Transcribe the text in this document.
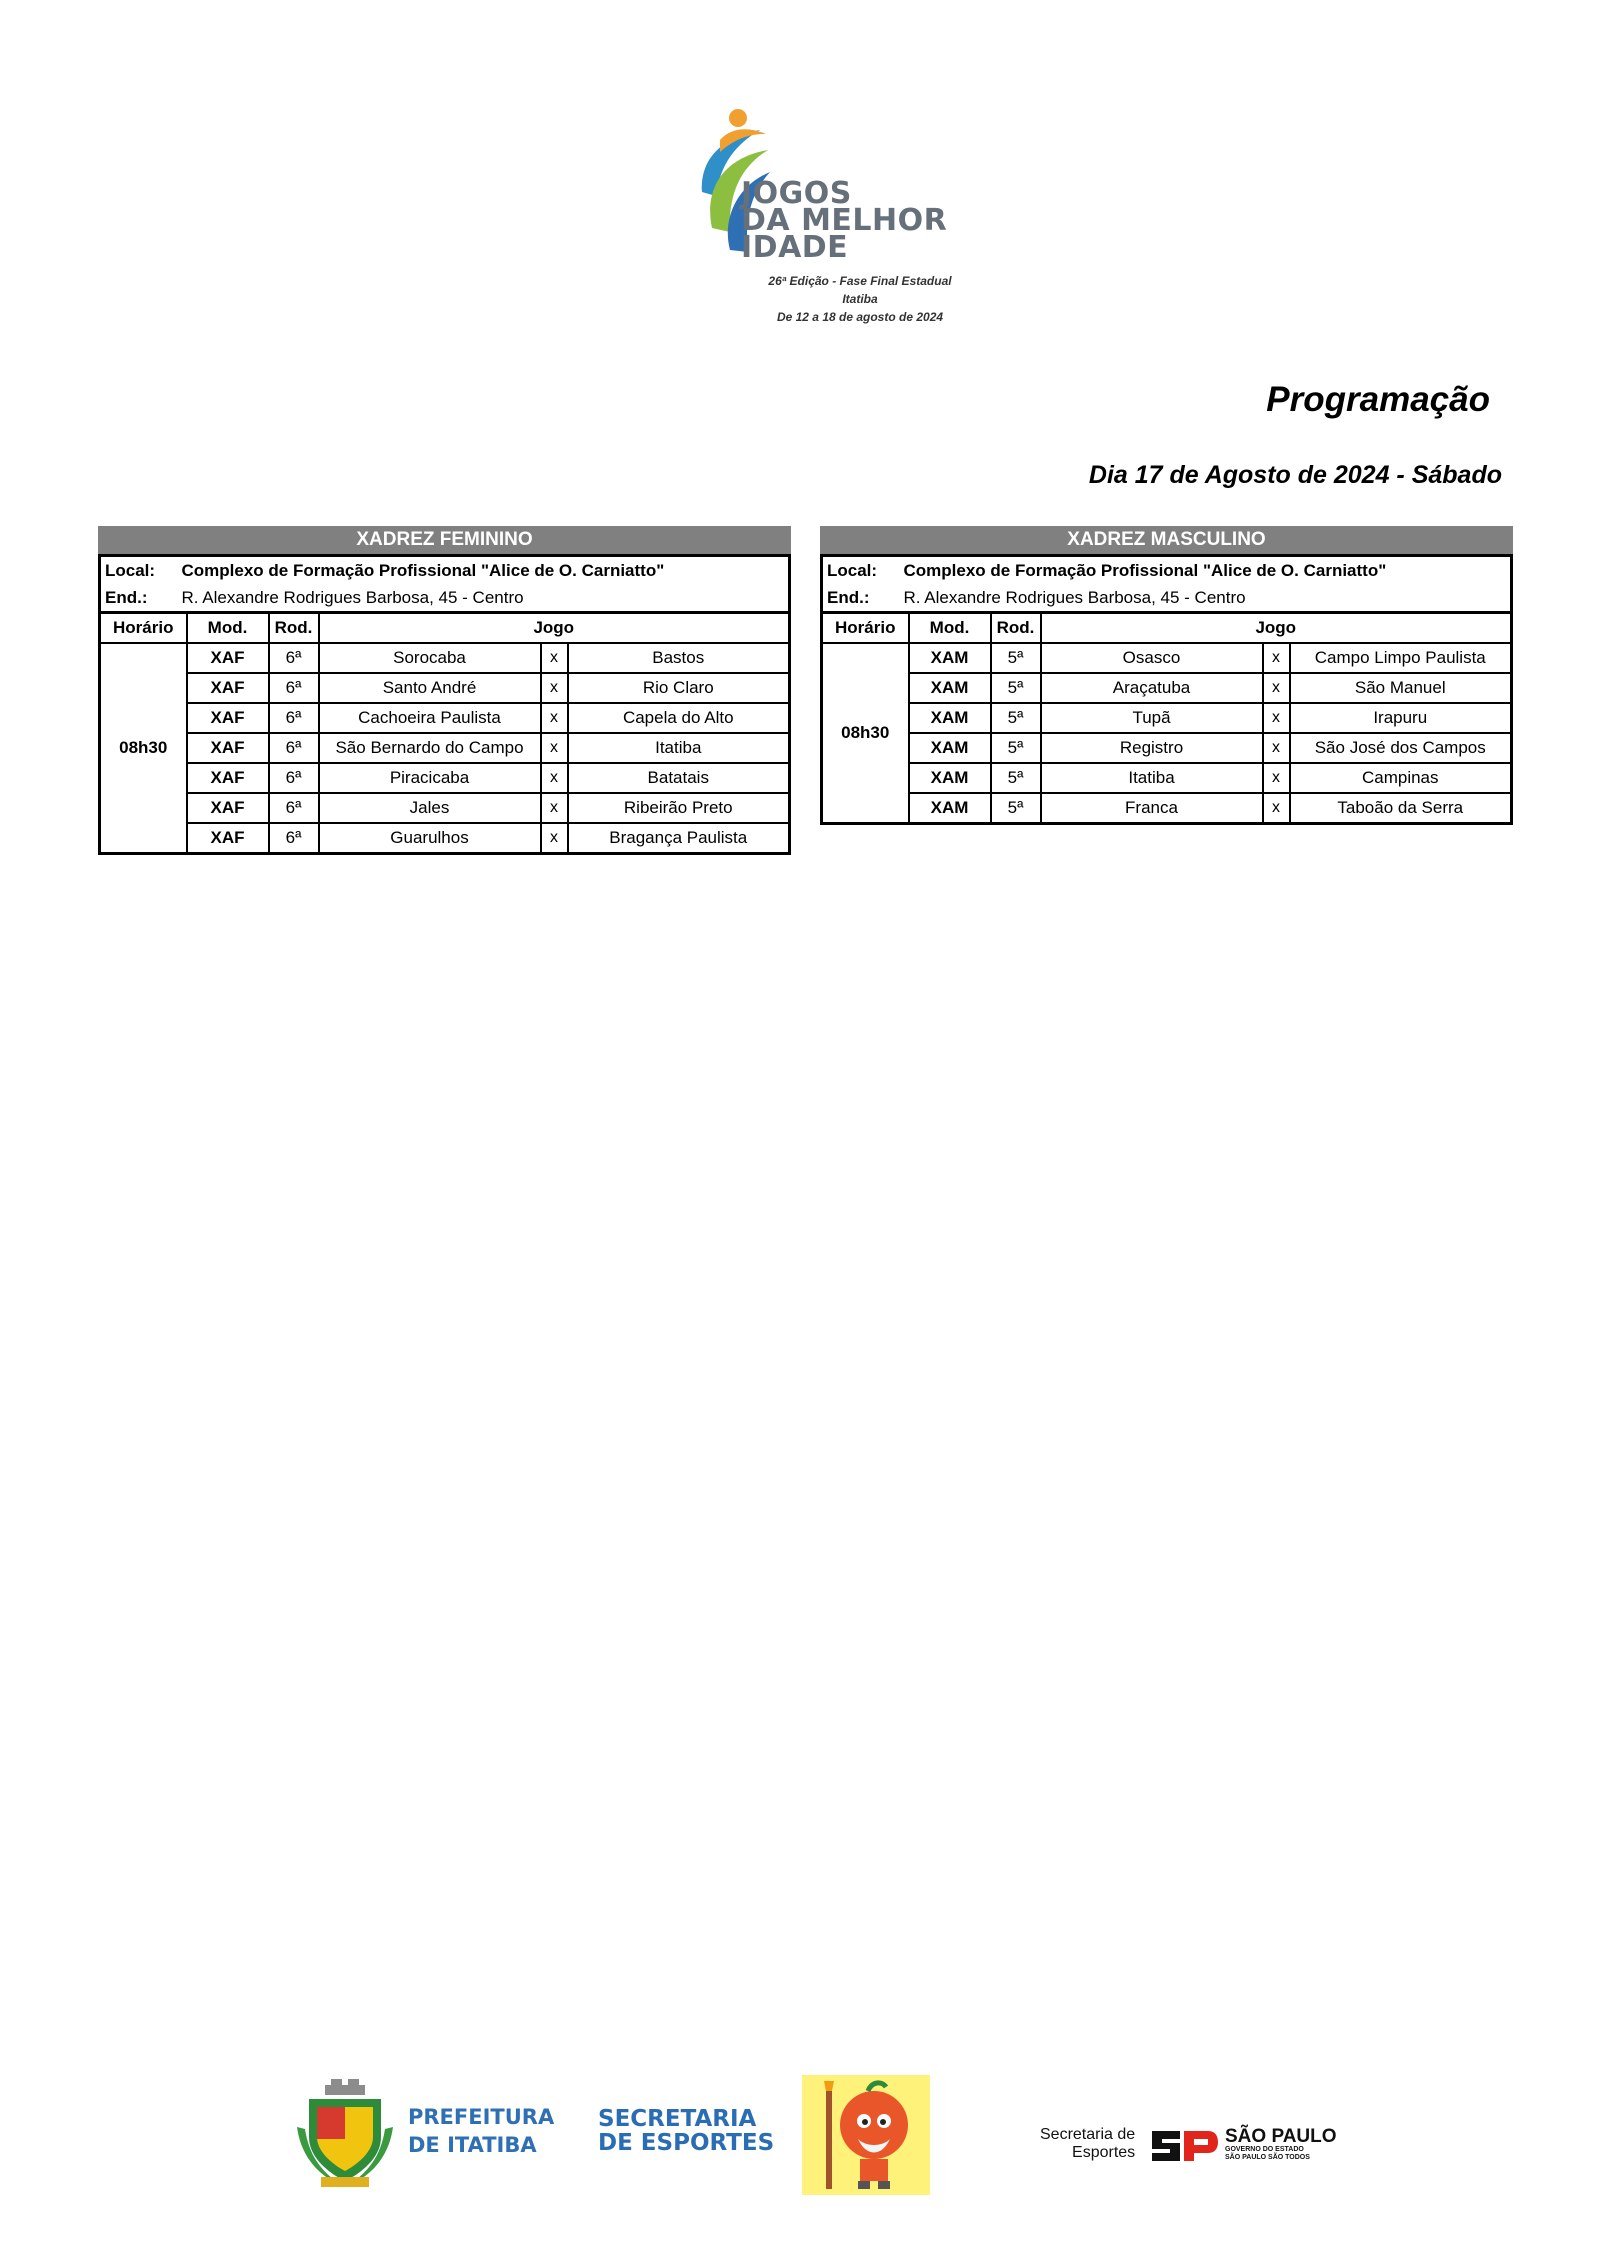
JOGOS
DA MELHOR
IDADE
26ª Edição - Fase Final Estadual
Itatiba
De 12 a 18 de agosto de 2024
Programação
Dia 17 de Agosto de 2024 - Sábado
XADREZ FEMININO
Local:	Complexo de Formação Profissional "Alice de O. Carniatto"
End.:	R. Alexandre Rodrigues Barbosa, 45 - Centro
Horário	Mod.	Rod.	Jogo		
08h30	XAF	6ª	Sorocaba	x	Bastos
	XAF	6ª	Santo André	x	Rio Claro
	XAF	6ª	Cachoeira Paulista	x	Capela do Alto
	XAF	6ª	São Bernardo do Campo	x	Itatiba
	XAF	6ª	Piracicaba	x	Batatais
	XAF	6ª	Jales	x	Ribeirão Preto
	XAF	6ª	Guarulhos	x	Bragança Paulista
XADREZ MASCULINO
Local:	Complexo de Formação Profissional "Alice de O. Carniatto"
End.:	R. Alexandre Rodrigues Barbosa, 45 - Centro
Horário	Mod.	Rod.	Jogo		
08h30	XAM	5ª	Osasco	x	Campo Limpo Paulista
	XAM	5ª	Araçatuba	x	São Manuel
	XAM	5ª	Tupã	x	Irapuru
	XAM	5ª	Registro	x	São José dos Campos
	XAM	5ª	Itatiba	x	Campinas
	XAM	5ª	Franca	x	Taboão da Serra
PREFEITURA
DE ITATIBA
SECRETARIA
DE ESPORTES	Secretaria de
Esportes
SÃO PAULO
GOVERNO DO ESTADO
SÃO PAULO SÃO TODOS
